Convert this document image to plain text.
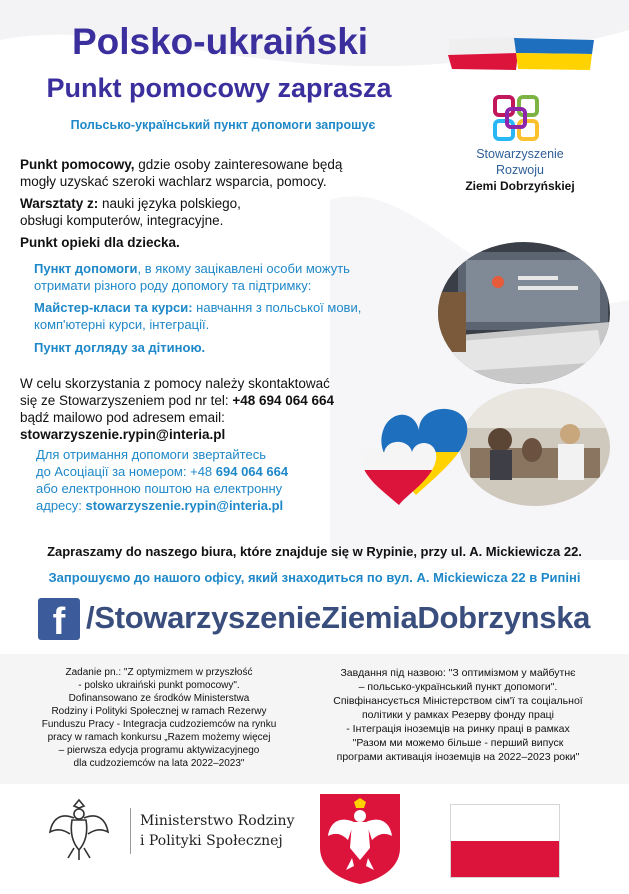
Polsko-ukraiński
Punkt pomocowy zaprasza
Польсько-український пункт допомоги запрошує
Stowarzyszenie
Rozwoju
Ziemi Dobrzyńskiej
Punkt pomocowy, gdzie osoby zainteresowane będą
mogły uzyskać szeroki wachlarz wsparcia, pomocy.
Warsztaty z: nauki języka polskiego,
obsługi komputerów, integracyjne.
Punkt opieki dla dziecka.
Пункт допомоги, в якому зацікавлені особи можуть
отримати різного роду допомогу та підтримку:
Майстер-класи та курси: навчання з польської мови,
комп'ютерні курси, інтеграції.
Пункт догляду за дітиною.
W celu skorzystania z pomocy należy skontaktować
się ze Stowarzyszeniem pod nr tel: +48 694 064 664
bądź mailowo pod adresem email:
stowarzyszenie.rypin@interia.pl
Для отримання допомоги звертайтесь
до Асоціації за номером: +48 694 064 664
або електронною поштою на електронну
адресу: stowarzyszenie.rypin@interia.pl
Zapraszamy do naszego biura, które znajduje się w Rypinie, przy ul. A. Mickiewicza 22.
Запрошуємо до нашого офісу, який знаходиться по вул. A. Mickiewicza 22 в Рипіні
f /StowarzyszenieZiemiaDobrzynska
Zadanie pn.: "Z optymizmem w przyszłość
- polsko ukraiński punkt pomocowy".
Dofinansowano ze środków Ministerstwa
Rodziny i Polityki Społecznej w ramach Rezerwy
Funduszu Pracy - Integracja cudzoziemców na rynku
pracy w ramach konkursu „Razem możemy więcej
– pierwsza edycja programu aktywizacyjnego
dla cudzoziemców na lata 2022–2023"
Завдання під назвою: "З оптимізмом у майбутнє
– польсько-український пункт допомоги".
Співфінансується Міністерством сім'ї та соціальної
політики у рамках Резерву фонду праці
- Інтеграція іноземців на ринку праці в рамках
"Разом ми можемо більше - перший випуск
програми активація іноземців на 2022–2023 роки"
Ministerstwo Rodziny
i Polityki Społecznej
